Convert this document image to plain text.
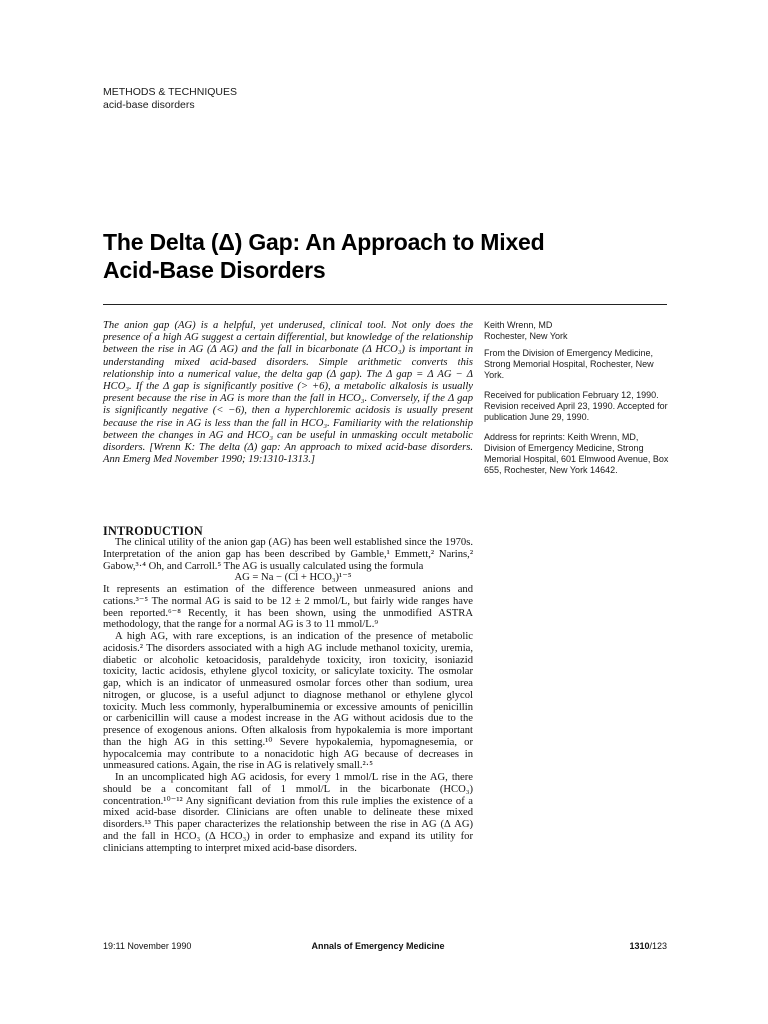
METHODS & TECHNIQUES
acid-base disorders
The Delta (Δ) Gap: An Approach to Mixed
Acid-Base Disorders

The anion gap (AG) is a helpful, yet underused, clinical tool. Not only does the presence of a high AG suggest a certain differential, but knowledge of the relationship between the rise in AG (Δ AG) and the fall in bicarbonate (Δ HCO₃) is important in understanding mixed acid-based disorders. Simple arithmetic converts this relationship into a numerical value, the delta gap (Δ gap). The Δ gap = Δ AG − Δ HCO₃. If the Δ gap is significantly positive (> +6), a metabolic alkalosis is usually present because the rise in AG is more than the fall in HCO₃. Conversely, if the Δ gap is significantly negative (< −6), then a hyperchloremic acidosis is usually present because the rise in AG is less than the fall in HCO₃. Familiarity with the relationship between the changes in AG and HCO₃ can be useful in unmasking occult metabolic disorders. [Wrenn K: The delta (Δ) gap: An approach to mixed acid-base disorders. Ann Emerg Med November 1990; 19:1310-1313.]

Keith Wrenn, MD
Rochester, New York

From the Division of Emergency Medicine, Strong Memorial Hospital, Rochester, New York.

Received for publication February 12, 1990. Revision received April 23, 1990. Accepted for publication June 29, 1990.

Address for reprints: Keith Wrenn, MD, Division of Emergency Medicine, Strong Memorial Hospital, 601 Elmwood Avenue, Box 655, Rochester, New York 14642.

INTRODUCTION

The clinical utility of the anion gap (AG) has been well established since the 1970s. Interpretation of the anion gap has been described by Gamble,¹ Emmett,² Narins,² Gabow,³·⁴ Oh, and Carroll.⁵ The AG is usually calculated using the formula

AG = Na − (Cl + HCO₃)¹⁻⁵

It represents an estimation of the difference between unmeasured anions and cations.³⁻⁵ The normal AG is said to be 12 ± 2 mmol/L, but fairly wide ranges have been reported.⁶⁻⁸ Recently, it has been shown, using the unmodified ASTRA methodology, that the range for a normal AG is 3 to 11 mmol/L.⁹

A high AG, with rare exceptions, is an indication of the presence of metabolic acidosis.² The disorders associated with a high AG include methanol toxicity, uremia, diabetic or alcoholic ketoacidosis, paraldehyde toxicity, iron toxicity, isoniazid toxicity, lactic acidosis, ethylene glycol toxicity, or salicylate toxicity. The osmolar gap, which is an indicator of unmeasured osmolar forces other than sodium, urea nitrogen, or glucose, is a useful adjunct to diagnose methanol or ethylene glycol toxicity. Much less commonly, hyperalbuminemia or excessive amounts of penicillin or carbenicillin will cause a modest increase in the AG without acidosis due to the presence of exogenous anions. Often alkalosis from hypokalemia is more important than the high AG in this setting.¹⁰ Severe hypokalemia, hypomagnesemia, or hypocalcemia may contribute to a nonacidotic high AG because of decreases in unmeasured cations. Again, the rise in AG is relatively small.²·⁵

In an uncomplicated high AG acidosis, for every 1 mmol/L rise in the AG, there should be a concomitant fall of 1 mmol/L in the bicarbonate (HCO₃) concentration.¹⁰⁻¹² Any significant deviation from this rule implies the existence of a mixed acid-base disorder. Clinicians are often unable to delineate these mixed disorders.¹³ This paper characterizes the relationship between the rise in AG (Δ AG) and the fall in HCO₃ (Δ HCO₃) in order to emphasize and expand its utility for clinicians attempting to interpret mixed acid-base disorders.

19:11 November 1990	Annals of Emergency Medicine	1310/123
